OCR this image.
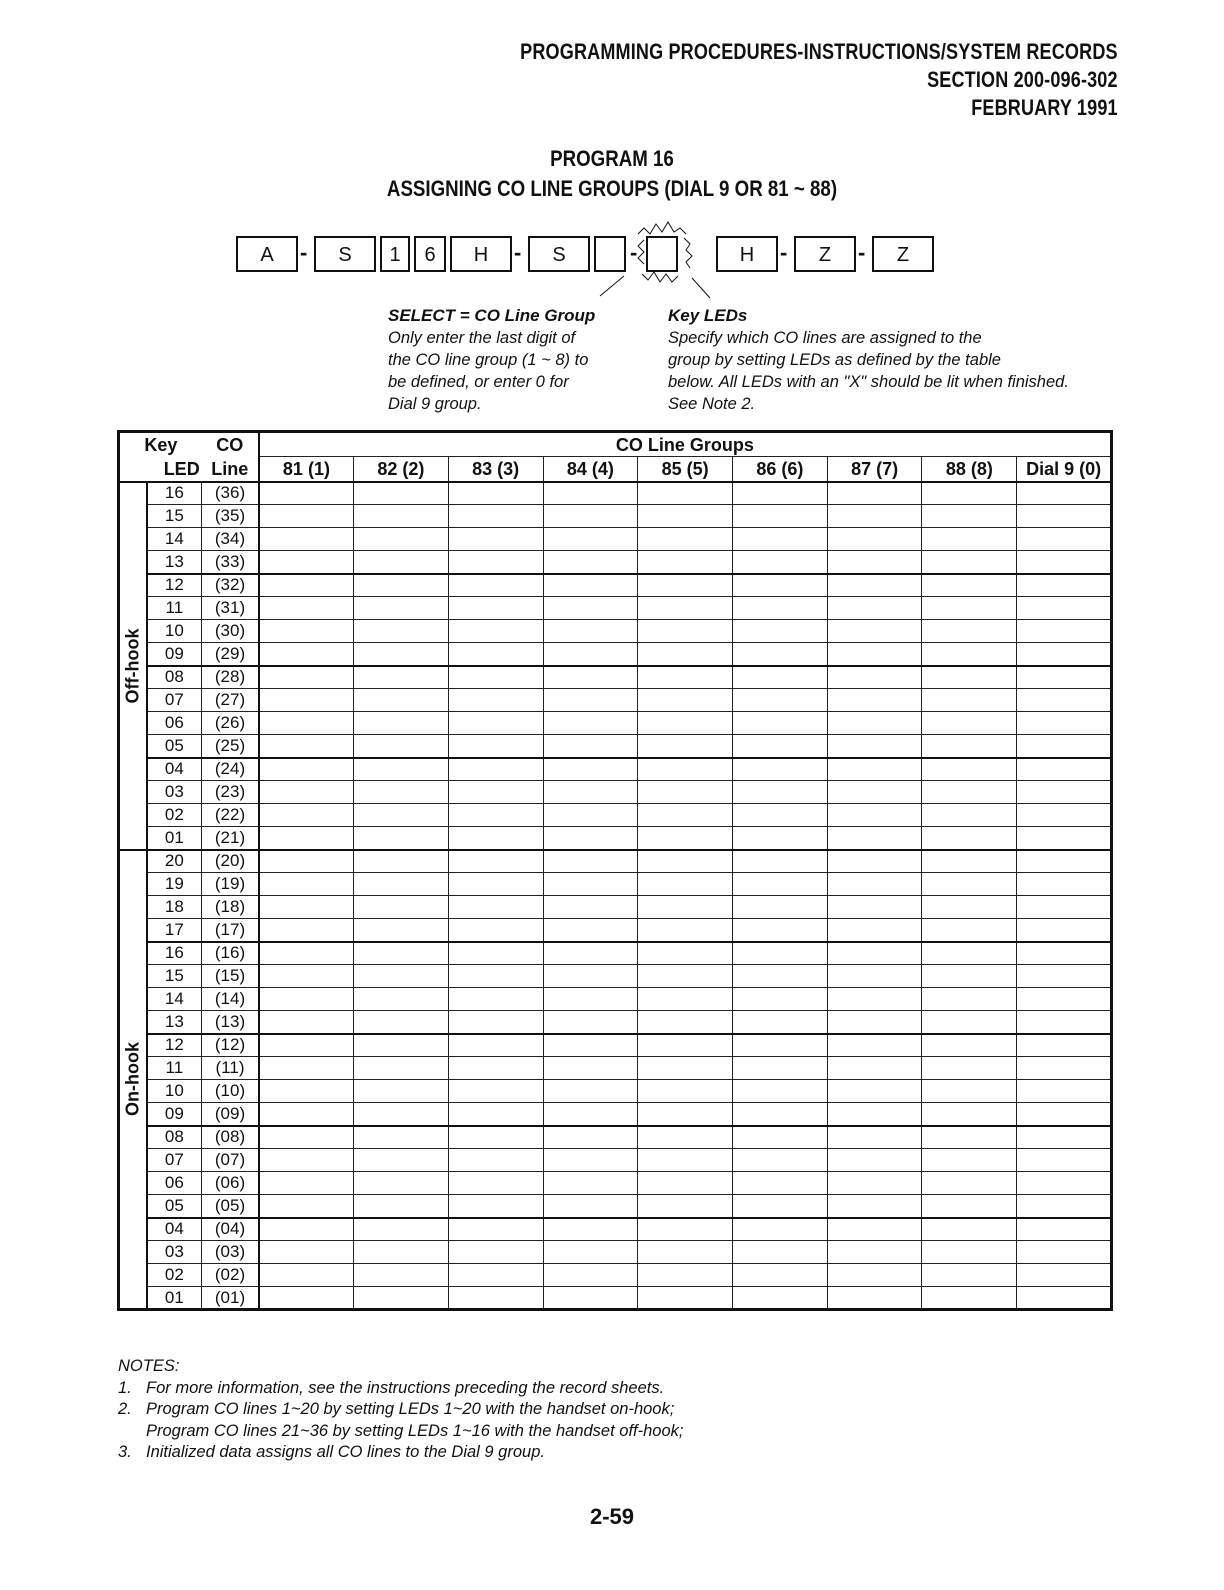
PROGRAMMING PROCEDURES-INSTRUCTIONS/SYSTEM RECORDS
SECTION 200-096-302
FEBRUARY 1991
PROGRAM 16
ASSIGNING CO LINE GROUPS (DIAL 9 OR 81 ~ 88)
A	-	S	1	6	H	-	S	-	H	-	Z	-	Z
SELECT = CO Line Group
Only enter the last digit of
the CO line group (1 ~ 8) to
be defined, or enter 0 for
Dial 9 group.
Key LEDs
Specify which CO lines are assigned to the
group by setting LEDs as defined by the table
below. All LEDs with an "X" should be lit when finished.
See Note 2.
Key		CO	CO Line Groups								
LED		Line	81 (1)	82 (2)	83 (3)	84 (4)	85 (5)	86 (6)	87 (7)	88 (8)	Dial 9 (0)

Off-hook	16	(36)									
	15	(35)									
	14	(34)									
	13	(33)									
	12	(32)									
	11	(31)									
	10	(30)									
	09	(29)									
	08	(28)									
	07	(27)									
	06	(26)									
	05	(25)									
	04	(24)									
	03	(23)									
	02	(22)									
	01	(21)									

On-hook	20	(20)									
	19	(19)									
	18	(18)									
	17	(17)									
	16	(16)									
	15	(15)									
	14	(14)									
	13	(13)									
	12	(12)									
	11	(11)									
	10	(10)									
	09	(09)									
	08	(08)									
	07	(07)									
	06	(06)									
	05	(05)									
	04	(04)									
	03	(03)									
	02	(02)									
	01	(01)									
NOTES:
1. For more information, see the instructions preceding the record sheets.
2. Program CO lines 1~20 by setting LEDs 1~20 with the handset on-hook;
Program CO lines 21~36 by setting LEDs 1~16 with the handset off-hook;
3. Initialized data assigns all CO lines to the Dial 9 group.
2-59
